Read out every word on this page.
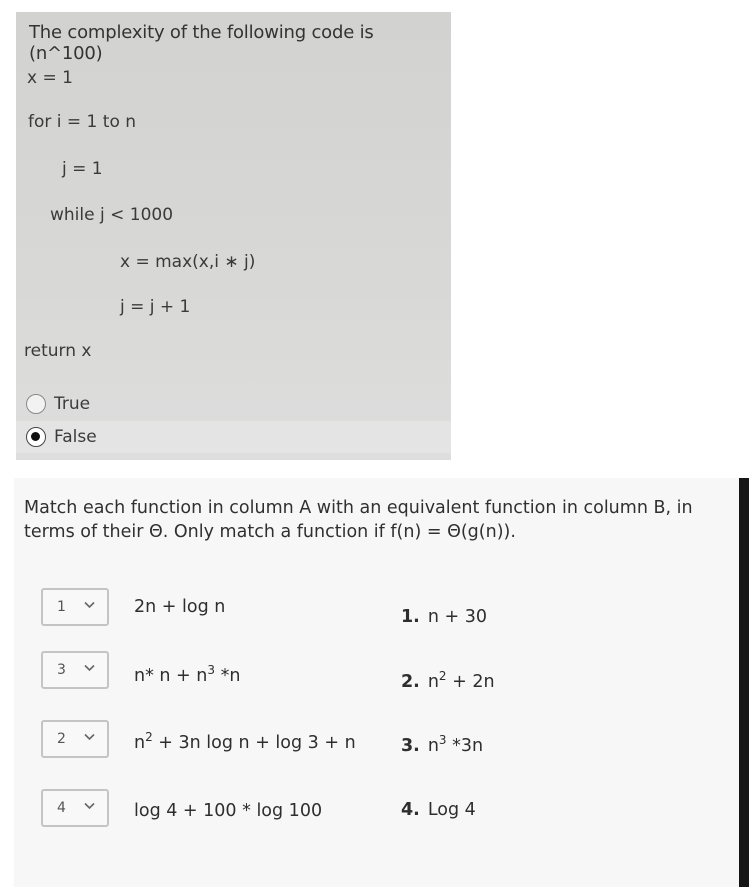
The complexity of the following code is (n^100)
x = 1
for i = 1 to n
j = 1
while j < 1000
x = max(x,i ∗ j)
j = j + 1
return x
True
False
Match each function in column A with an equivalent function in column B, in terms of their Θ. Only match a function if f(n) = Θ(g(n)).
1	2n + log n	1. n + 30
3	n* $n + n^3$ *n	2. $n^2 + 2n$
2	$n^2 + 3n$ log n + log 3 + n	3. $n^3$ *3n
4	log 4 + 100 * log 100	4. Log 4
